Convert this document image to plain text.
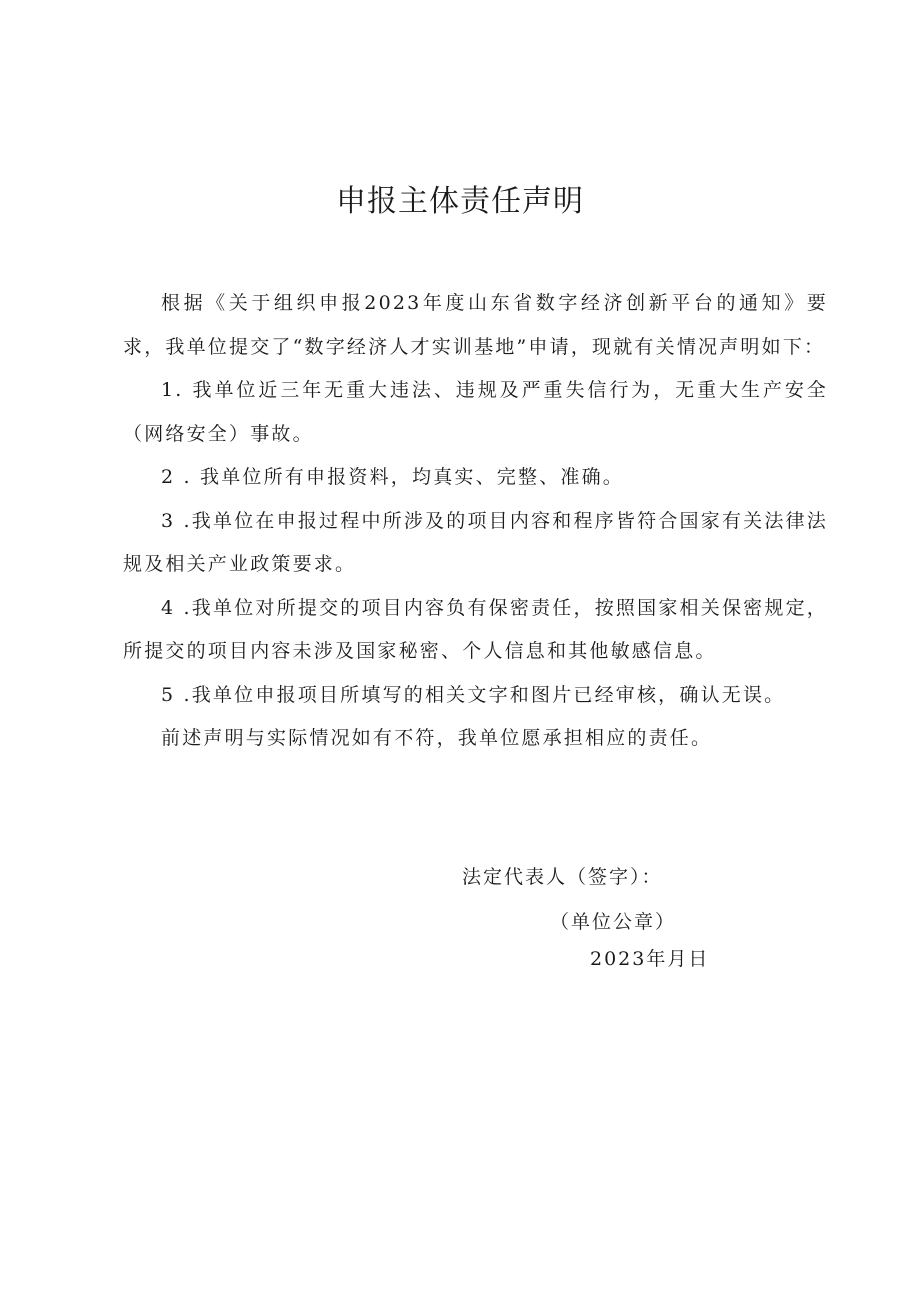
申报主体责任声明

根据《关于组织申报2023年度山东省数字经济创新平台的通知》要求，我单位提交了“数字经济人才实训基地”申请，现就有关情况声明如下：

1. 我单位近三年无重大违法、违规及严重失信行为，无重大生产安全（网络安全）事故。

2 . 我单位所有申报资料，均真实、完整、准确。

3 .我单位在申报过程中所涉及的项目内容和程序皆符合国家有关法律法规及相关产业政策要求。

4 .我单位对所提交的项目内容负有保密责任，按照国家相关保密规定，所提交的项目内容未涉及国家秘密、个人信息和其他敏感信息。

5 .我单位申报项目所填写的相关文字和图片已经审核，确认无误。

前述声明与实际情况如有不符，我单位愿承担相应的责任。

法定代表人（签字）：

（单位公章）

2023年月日
